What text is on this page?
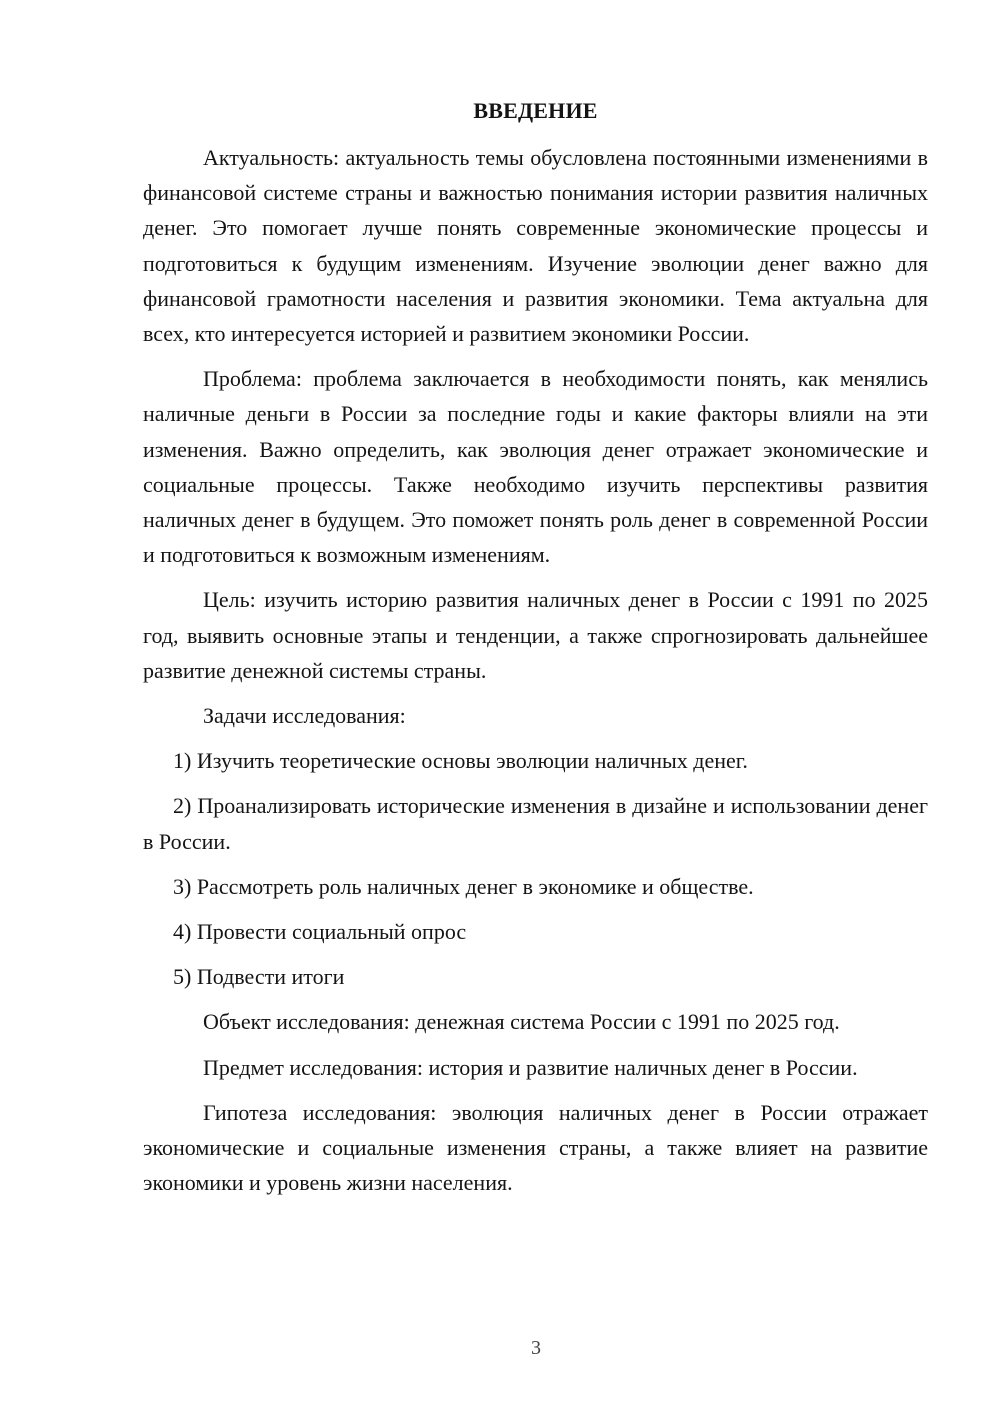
ВВЕДЕНИЕ

Актуальность: актуальность темы обусловлена постоянными изменениями в финансовой системе страны и важностью понимания истории развития наличных денег. Это помогает лучше понять современные экономические процессы и подготовиться к будущим изменениям. Изучение эволюции денег важно для финансовой грамотности населения и развития экономики. Тема актуальна для всех, кто интересуется историей и развитием экономики России.

Проблема: проблема заключается в необходимости понять, как менялись наличные деньги в России за последние годы и какие факторы влияли на эти изменения. Важно определить, как эволюция денег отражает экономические и социальные процессы. Также необходимо изучить перспективы развития наличных денег в будущем. Это поможет понять роль денег в современной России и подготовиться к возможным изменениям.

Цель: изучить историю развития наличных денег в России с 1991 по 2025 год, выявить основные этапы и тенденции, а также спрогнозировать дальнейшее развитие денежной системы страны.

Задачи исследования:

1) Изучить теоретические основы эволюции наличных денег.

2) Проанализировать исторические изменения в дизайне и использовании денег в России.

3) Рассмотреть роль наличных денег в экономике и обществе.

4) Провести социальный опрос

5) Подвести итоги

Объект исследования: денежная система России с 1991 по 2025 год.

Предмет исследования: история и развитие наличных денег в России.

Гипотеза исследования: эволюция наличных денег в России отражает экономические и социальные изменения страны, а также влияет на развитие экономики и уровень жизни населения.

3
